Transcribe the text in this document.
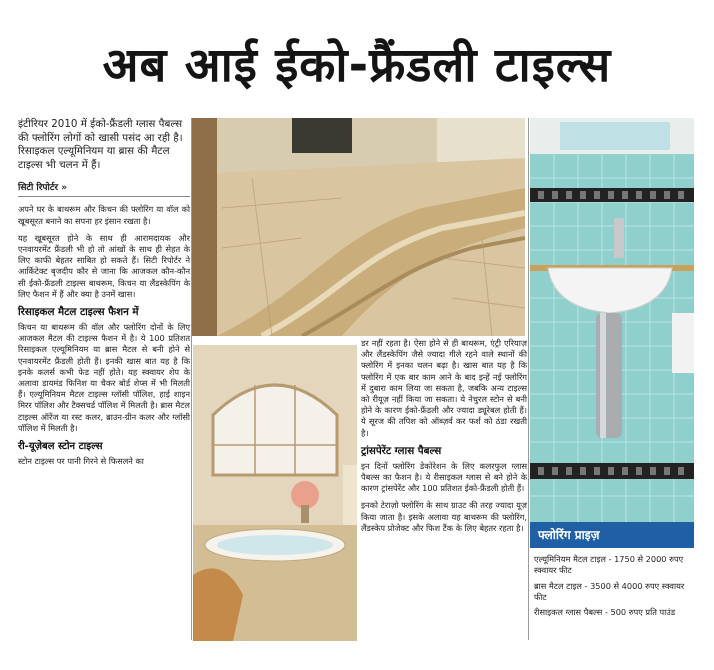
अब आई ईको-फ्रैंडली टाइल्स

इंटीरियर 2010 में ईको-फ्रैंडली ग्लास पैबल्स की फ्लोरिंग लोगों को खासी पसंद आ रही है। रिसाइकल एल्यूमिनियम या ब्रास की मैटल टाइल्स भी चलन में हैं।

सिटी रिपोर्टर »

अपने घर के बाथरूम और किचन की फ्लोरिंग या वॉल को खूबसूरत बनाने का सपना हर इंसान रखता है।

यह खूबसूरत होने के साथ ही आरामदायक और एनवायरमेंट फ्रैंडली भी हो तो आंखों के साथ ही सेहत के लिए काफी बेहतर साबित हो सकते हैं। सिटी रिपोर्टर ने आर्किटेक्ट बृजदीप कौर से जाना कि आजकल कौन-कौन सी ईको-फ्रैंडली टाइल्स बाथरूम, किचन या लैंडस्केपिंग के लिए फैशन में हैं और क्या है उनमें खास।

रिसाइकल मैटल टाइल्स फैशन में

किचन या बाथरूम की वॉल और फ्लोरिंग दोनों के लिए आजकल मैटल की टाइल्स फैशन में है। ये 100 प्रतिशत रिसाइकल एल्यूमिनियम या ब्रास मैटल से बनी होने से एनवायरमेंट फ्रैंडली होती हैं। इनकी खास बात यह है कि इनके कलर्स कभी फेड नहीं होते। यह स्क्वायर शेप के अलावा डायमंड फिनिश या चैकर बोर्ड शेप्स में भी मिलती हैं। एल्यूमिनियम मैटल टाइल्स ग्लॉसी पॉलिश, हाई शाइन मिरर पॉलिश और टैक्सचर्ड पॉलिश में मिलती है। ब्रास मैटल टाइल्स ऑरेंज या रस्ट कलर, ब्राउन-ग्रीन कलर और ग्लॉसी पॉलिश में मिलती है।

री-यूज़ेबल स्टोन टाइल्स

स्टोन टाइल्स पर पानी गिरने से फिसलने का

डर नहीं रहता है। ऐसा होने से ही बाथरूम, एंट्री एरियाज़ और लैंडस्केपिंग जैसे ज्यादा गीले रहने वाले स्थानों की फ्लोरिंग में इनका चलन बढ़ा है। खास बात यह है कि फ्लोरिंग में एक बार काम आने के बाद इन्हें नई फ्लोरिंग में दुबारा काम लिया जा सकता है, जबकि अन्य टाइल्स को रीयूज़ नहीं किया जा सकता। ये नेचुरल स्टोन से बनी होने के कारण ईको-फ्रैंडली और ज्यादा ड्यूरेबल होती हैं। ये सूरज की तपिश को ऑब्ज़र्व कर फर्श को ठंडा रखती है।

ट्रांसपेरेंट ग्लास पैबल्स

इन दिनों फ्लोरिंग डेकोरेशन के लिए कलरफुल ग्लास पैबल्स का फैशन है। ये रीसाइकल ग्लास से बने होने के कारण ट्रांसपेरेंट और 100 प्रतिशत ईको-फ्रैंडली होती हैं।

इनको टेराज़ो फ्लोरिंग के साथ ग्राउट की तरह ज्यादा यूज़ किया जाता है। इसके अलावा यह बाथरूम की फ्लोरिंग, लैंडस्केप प्रोजेक्ट और फिश टैंक के लिए बेहतर रहता है।

फ्लोरिंग प्राइज़
एल्यूमिनियम मैटल टाइल - 1750 से 2000 रुपए स्क्वायर फीट
ब्रास मैटल टाइल - 3500 से 4000 रुपए स्क्वायर फीट
रीसाइकल ग्लास पैबल्स - 500 रुपए प्रति पाउंड
